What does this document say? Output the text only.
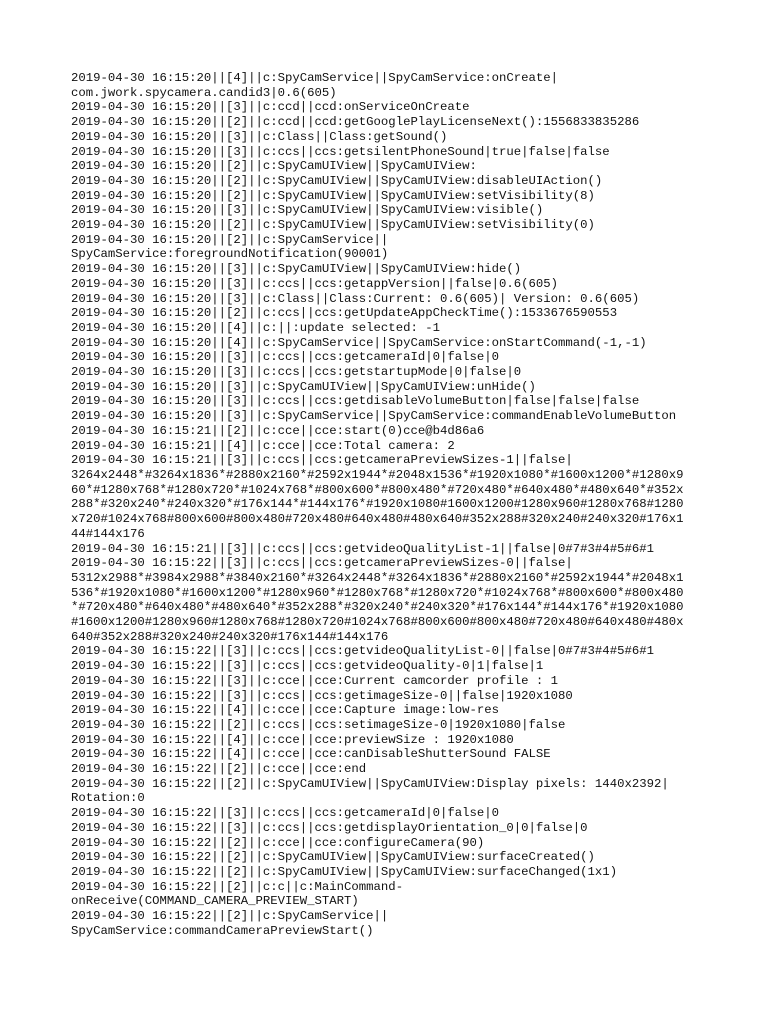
2019-04-30 16:15:20||[4]||c:SpyCamService||SpyCamService:onCreate|
com.jwork.spycamera.candid3|0.6(605)
2019-04-30 16:15:20||[3]||c:ccd||ccd:onServiceOnCreate
2019-04-30 16:15:20||[2]||c:ccd||ccd:getGooglePlayLicenseNext():1556833835286
2019-04-30 16:15:20||[3]||c:Class||Class:getSound()
2019-04-30 16:15:20||[3]||c:ccs||ccs:getsilentPhoneSound|true|false|false
2019-04-30 16:15:20||[2]||c:SpyCamUIView||SpyCamUIView:
2019-04-30 16:15:20||[2]||c:SpyCamUIView||SpyCamUIView:disableUIAction()
2019-04-30 16:15:20||[2]||c:SpyCamUIView||SpyCamUIView:setVisibility(8)
2019-04-30 16:15:20||[3]||c:SpyCamUIView||SpyCamUIView:visible()
2019-04-30 16:15:20||[2]||c:SpyCamUIView||SpyCamUIView:setVisibility(0)
2019-04-30 16:15:20||[2]||c:SpyCamService||
SpyCamService:foregroundNotification(90001)
2019-04-30 16:15:20||[3]||c:SpyCamUIView||SpyCamUIView:hide()
2019-04-30 16:15:20||[3]||c:ccs||ccs:getappVersion||false|0.6(605)
2019-04-30 16:15:20||[3]||c:Class||Class:Current: 0.6(605)| Version: 0.6(605)
2019-04-30 16:15:20||[2]||c:ccs||ccs:getUpdateAppCheckTime():1533676590553
2019-04-30 16:15:20||[4]||c:||:update selected: -1
2019-04-30 16:15:20||[4]||c:SpyCamService||SpyCamService:onStartCommand(-1,-1)
2019-04-30 16:15:20||[3]||c:ccs||ccs:getcameraId|0|false|0
2019-04-30 16:15:20||[3]||c:ccs||ccs:getstartupMode|0|false|0
2019-04-30 16:15:20||[3]||c:SpyCamUIView||SpyCamUIView:unHide()
2019-04-30 16:15:20||[3]||c:ccs||ccs:getdisableVolumeButton|false|false|false
2019-04-30 16:15:20||[3]||c:SpyCamService||SpyCamService:commandEnableVolumeButton
2019-04-30 16:15:21||[2]||c:cce||cce:start(0)cce@b4d86a6
2019-04-30 16:15:21||[4]||c:cce||cce:Total camera: 2
2019-04-30 16:15:21||[3]||c:ccs||ccs:getcameraPreviewSizes-1||false|
3264x2448*#3264x1836*#2880x2160*#2592x1944*#2048x1536*#1920x1080*#1600x1200*#1280x9
60*#1280x768*#1280x720*#1024x768*#800x600*#800x480*#720x480*#640x480*#480x640*#352x
288*#320x240*#240x320*#176x144*#144x176*#1920x1080#1600x1200#1280x960#1280x768#1280
x720#1024x768#800x600#800x480#720x480#640x480#480x640#352x288#320x240#240x320#176x1
44#144x176
2019-04-30 16:15:21||[3]||c:ccs||ccs:getvideoQualityList-1||false|0#7#3#4#5#6#1
2019-04-30 16:15:22||[3]||c:ccs||ccs:getcameraPreviewSizes-0||false|
5312x2988*#3984x2988*#3840x2160*#3264x2448*#3264x1836*#2880x2160*#2592x1944*#2048x1
536*#1920x1080*#1600x1200*#1280x960*#1280x768*#1280x720*#1024x768*#800x600*#800x480
*#720x480*#640x480*#480x640*#352x288*#320x240*#240x320*#176x144*#144x176*#1920x1080
#1600x1200#1280x960#1280x768#1280x720#1024x768#800x600#800x480#720x480#640x480#480x
640#352x288#320x240#240x320#176x144#144x176
2019-04-30 16:15:22||[3]||c:ccs||ccs:getvideoQualityList-0||false|0#7#3#4#5#6#1
2019-04-30 16:15:22||[3]||c:ccs||ccs:getvideoQuality-0|1|false|1
2019-04-30 16:15:22||[3]||c:cce||cce:Current camcorder profile : 1
2019-04-30 16:15:22||[3]||c:ccs||ccs:getimageSize-0||false|1920x1080
2019-04-30 16:15:22||[4]||c:cce||cce:Capture image:low-res
2019-04-30 16:15:22||[2]||c:ccs||ccs:setimageSize-0|1920x1080|false
2019-04-30 16:15:22||[4]||c:cce||cce:previewSize : 1920x1080
2019-04-30 16:15:22||[4]||c:cce||cce:canDisableShutterSound FALSE
2019-04-30 16:15:22||[2]||c:cce||cce:end
2019-04-30 16:15:22||[2]||c:SpyCamUIView||SpyCamUIView:Display pixels: 1440x2392|
Rotation:0
2019-04-30 16:15:22||[3]||c:ccs||ccs:getcameraId|0|false|0
2019-04-30 16:15:22||[3]||c:ccs||ccs:getdisplayOrientation_0|0|false|0
2019-04-30 16:15:22||[2]||c:cce||cce:configureCamera(90)
2019-04-30 16:15:22||[2]||c:SpyCamUIView||SpyCamUIView:surfaceCreated()
2019-04-30 16:15:22||[2]||c:SpyCamUIView||SpyCamUIView:surfaceChanged(1x1)
2019-04-30 16:15:22||[2]||c:c||c:MainCommand-
onReceive(COMMAND_CAMERA_PREVIEW_START)
2019-04-30 16:15:22||[2]||c:SpyCamService||
SpyCamService:commandCameraPreviewStart()
